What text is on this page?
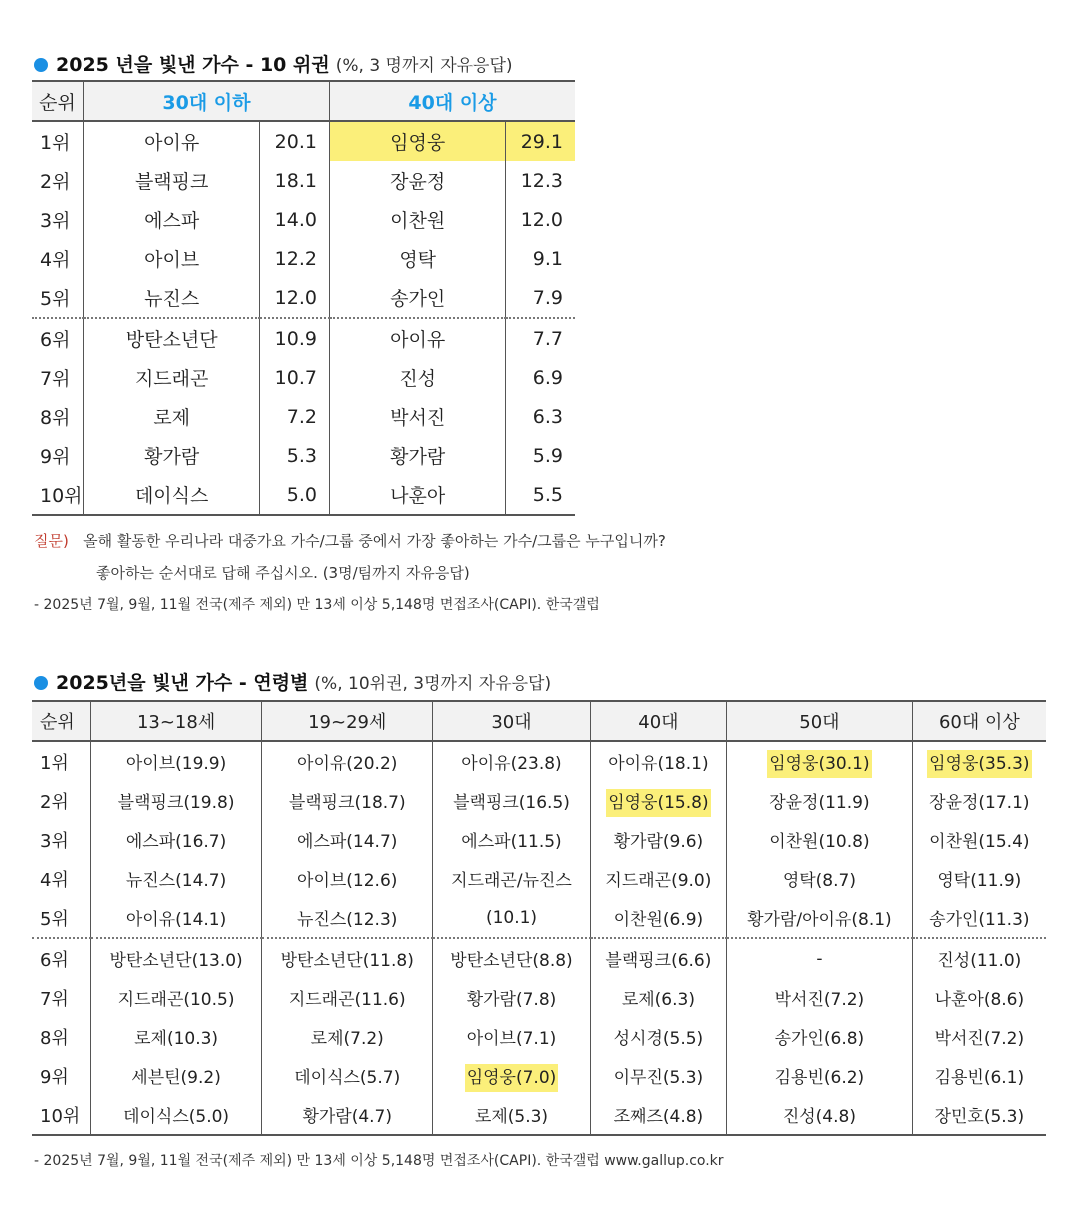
2025 년을 빛낸 가수 - 10 위권 (%, 3 명까지 자유응답)
순위	30대 이하		40대 이상	
1위	아이유	20.1	임영웅	29.1
2위	블랙핑크	18.1	장윤정	12.3
3위	에스파	14.0	이찬원	12.0
4위	아이브	12.2	영탁	9.1
5위	뉴진스	12.0	송가인	7.9
6위	방탄소년단	10.9	아이유	7.7
7위	지드래곤	10.7	진성	6.9
8위	로제	7.2	박서진	6.3
9위	황가람	5.3	황가람	5.9
10위	데이식스	5.0	나훈아	5.5
질문) 올해 활동한 우리나라 대중가요 가수/그룹 중에서 가장 좋아하는 가수/그룹은 누구입니까?
좋아하는 순서대로 답해 주십시오. (3명/팀까지 자유응답)
- 2025년 7월, 9월, 11월 전국(제주 제외) 만 13세 이상 5,148명 면접조사(CAPI). 한국갤럽
2025년을 빛낸 가수 - 연령별 (%, 10위권, 3명까지 자유응답)
순위	13~18세	19~29세	30대	40대	50대	60대 이상
1위	아이브(19.9)	아이유(20.2)	아이유(23.8)	아이유(18.1)	임영웅(30.1)	임영웅(35.3)
2위	블랙핑크(19.8)	블랙핑크(18.7)	블랙핑크(16.5)	임영웅(15.8)	장윤정(11.9)	장윤정(17.1)
3위	에스파(16.7)	에스파(14.7)	에스파(11.5)	황가람(9.6)	이찬원(10.8)	이찬원(15.4)
4위	뉴진스(14.7)	아이브(12.6)	지드래곤/뉴진스	지드래곤(9.0)	영탁(8.7)	영탁(11.9)
5위	아이유(14.1)	뉴진스(12.3)	(10.1)	이찬원(6.9)	황가람/아이유(8.1)	송가인(11.3)
6위	방탄소년단(13.0)	방탄소년단(11.8)	방탄소년단(8.8)	블랙핑크(6.6)	-	진성(11.0)
7위	지드래곤(10.5)	지드래곤(11.6)	황가람(7.8)	로제(6.3)	박서진(7.2)	나훈아(8.6)
8위	로제(10.3)	로제(7.2)	아이브(7.1)	성시경(5.5)	송가인(6.8)	박서진(7.2)
9위	세븐틴(9.2)	데이식스(5.7)	임영웅(7.0)	이무진(5.3)	김용빈(6.2)	김용빈(6.1)
10위	데이식스(5.0)	황가람(4.7)	로제(5.3)	조째즈(4.8)	진성(4.8)	장민호(5.3)
- 2025년 7월, 9월, 11월 전국(제주 제외) 만 13세 이상 5,148명 면접조사(CAPI). 한국갤럽 www.gallup.co.kr
